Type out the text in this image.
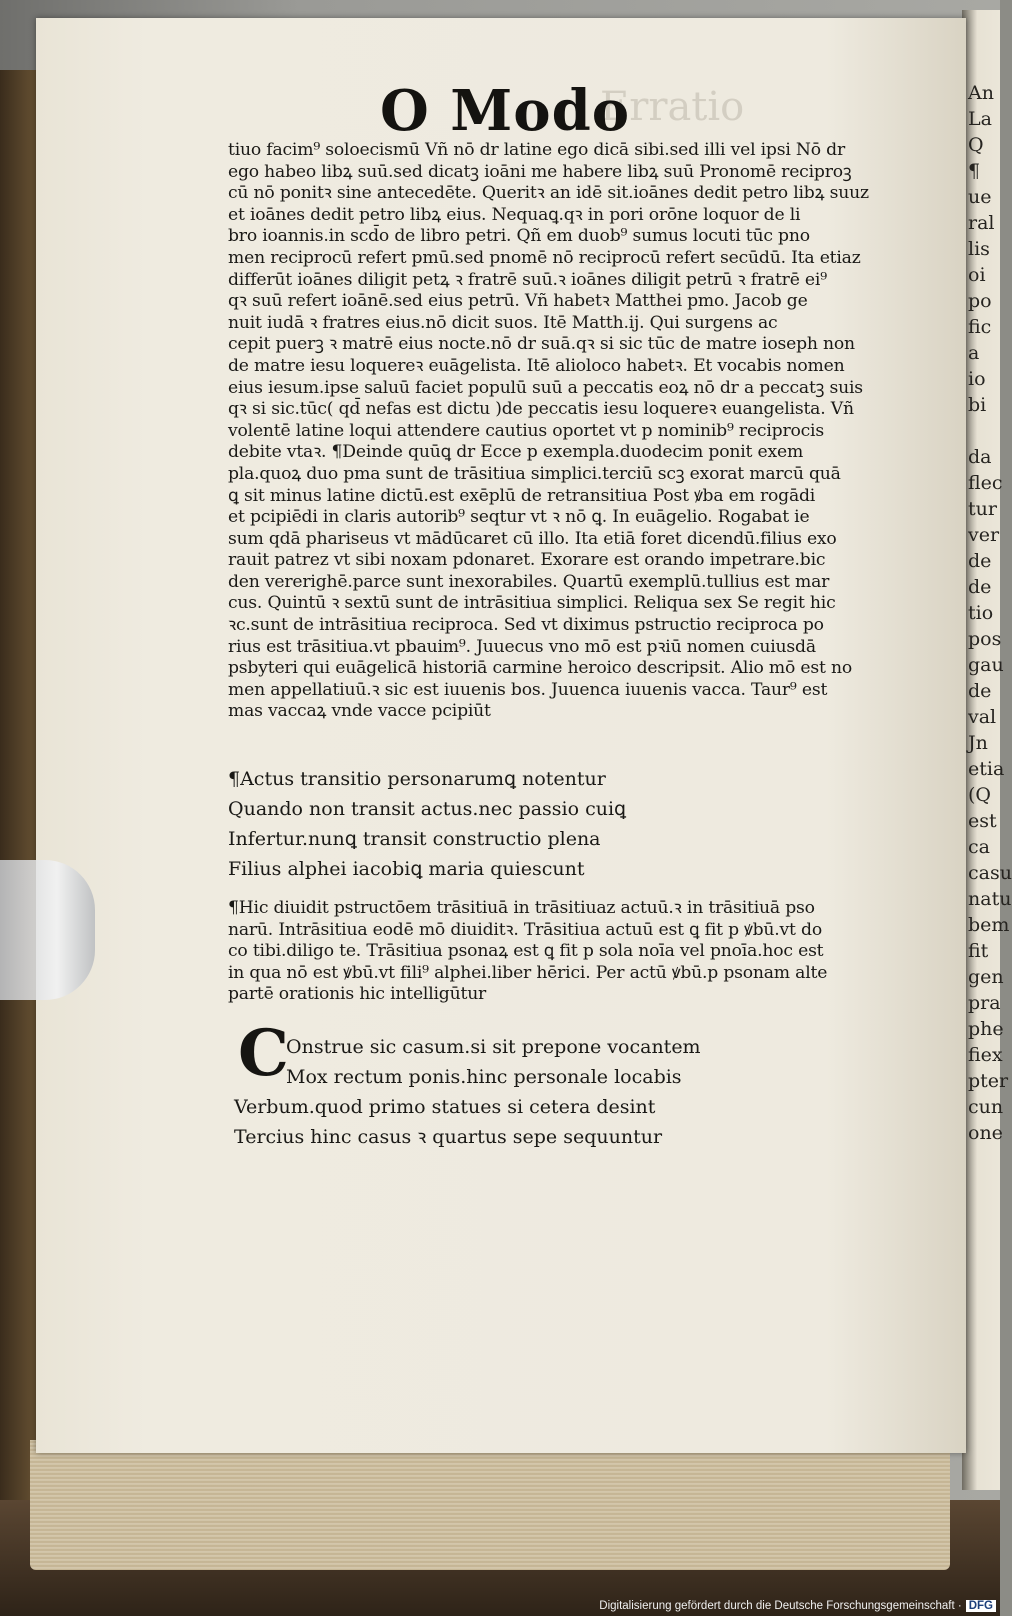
An
La
Q
¶
ue
ral
lis
oi
po
fic
a
io
bi

da
flec
tur
ver
de
de
tio
pos
gau
de
val
Jn
etia
(Q
est
ca
casu
natu
bem
fit
gen
pra
phe
fiex
pter
cun
one
Erratio
O Modo
tiuo facim⁹ soloecismū Vñ nō dr latine ego dicā sibi.sed illi vel ipsi Nō dr
ego habeo libꝝ suū.sed dicatꝫ ioāni me habere libꝝ suū Pronomē reciproꝫ
cū nō ponitꝛ sine antecedēte. Queritꝛ an idē sit.ioānes dedit petro libꝝ suuz
et ioānes dedit petro libꝝ eius. Nequaꝗ.qꝛ in pori orōne loquor de li
bro ioannis.in scd̄o de libro petri. Qñ em duob⁹ sumus locuti tūc pno
men reciprocū refert pmū.sed pnomē nō reciprocū refert secūdū. Ita etiaz
differūt ioānes diligit petꝝ ꝛ fratrē suū.ꝛ ioānes diligit petrū ꝛ fratrē ei⁹
qꝛ suū refert ioānē.sed eius petrū. Vñ habetꝛ Matthei pmo. Jacob ge
nuit iudā ꝛ fratres eius.nō dicit suos. Itē Matth.ij. Qui surgens ac
cepit puerꝫ ꝛ matrē eius nocte.nō dr suā.qꝛ si sic tūc de matre ioseph non
de matre iesu loquereꝛ euāgelista. Itē alioloco habetꝛ. Et vocabis nomen
eius iesum.ipse saluū faciet populū suū a peccatis eoꝝ nō dr a peccatꝫ suis
qꝛ si sic.tūc( qd̄ nefas est dictu )de peccatis iesu loquereꝛ euangelista. Vñ
volentē latine loqui attendere cautius oportet vt p nominib⁹ reciprocis
debite vtaꝛ. ¶Deinde quūꝗ dr Ecce p exempla.duodecim ponit exem
pla.quoꝝ duo pma sunt de trāsitiua simplici.terciū scꝫ exorat marcū quā
ꝗ sit minus latine dictū.est exēplū de retransitiua Post ꝟba em rogādi
et pcipiēdi in claris autorib⁹ seqtur vt ꝛ nō ꝗ. In euāgelio. Rogabat ie
sum qdā phariseus vt mādūcaret cū illo. Ita etiā foret dicendū.filius exo
rauit patrez vt sibi noxam pdonaret. Exorare est orando impetrare.bic
den vererighē.parce sunt inexorabiles. Quartū exemplū.tullius est mar
cus. Quintū ꝛ sextū sunt de intrāsitiua simplici. Reliqua sex Se regit hic
ꝛc.sunt de intrāsitiua reciproca. Sed vt diximus pstructio reciproca po
rius est trāsitiua.vt pbauim⁹. Juuecus vno mō est pꝛiū nomen cuiusdā
psbyteri qui euāgelicā historiā carmine heroico descripsit. Alio mō est no
men appellatiuū.ꝛ sic est iuuenis bos. Juuenca iuuenis vacca. Taur⁹ est
mas vaccaꝝ vnde vacce pcipiūt
¶Actus transitio personarumꝗ notentur
Quando non transit actus.nec passio cuiꝗ
Infertur.nunꝗ transit constructio plena
Filius alphei iacobiꝗ maria quiescunt
¶Hic diuidit pstructōem trāsitiuā in trāsitiuaz actuū.ꝛ in trāsitiuā pso
narū. Intrāsitiua eodē mō diuiditꝛ. Trāsitiua actuū est ꝗ fit p ꝟbū.vt do
co tibi.diligo te. Trāsitiua psonaꝝ est ꝗ fit p sola noīa vel pnoīa.hoc est
in qua nō est ꝟbū.vt fili⁹ alphei.liber hērici. Per actū ꝟbū.p psonam alte
partē orationis hic intelligūtur
C
Onstrue sic casum.si sit prepone vocantem
Mox rectum ponis.hinc personale locabis
Verbum.quod primo statues si cetera desint
Tercius hinc casus ꝛ quartus sepe sequuntur
Digitalisierung gefördert durch die Deutsche Forschungsgemeinschaft · DFG
